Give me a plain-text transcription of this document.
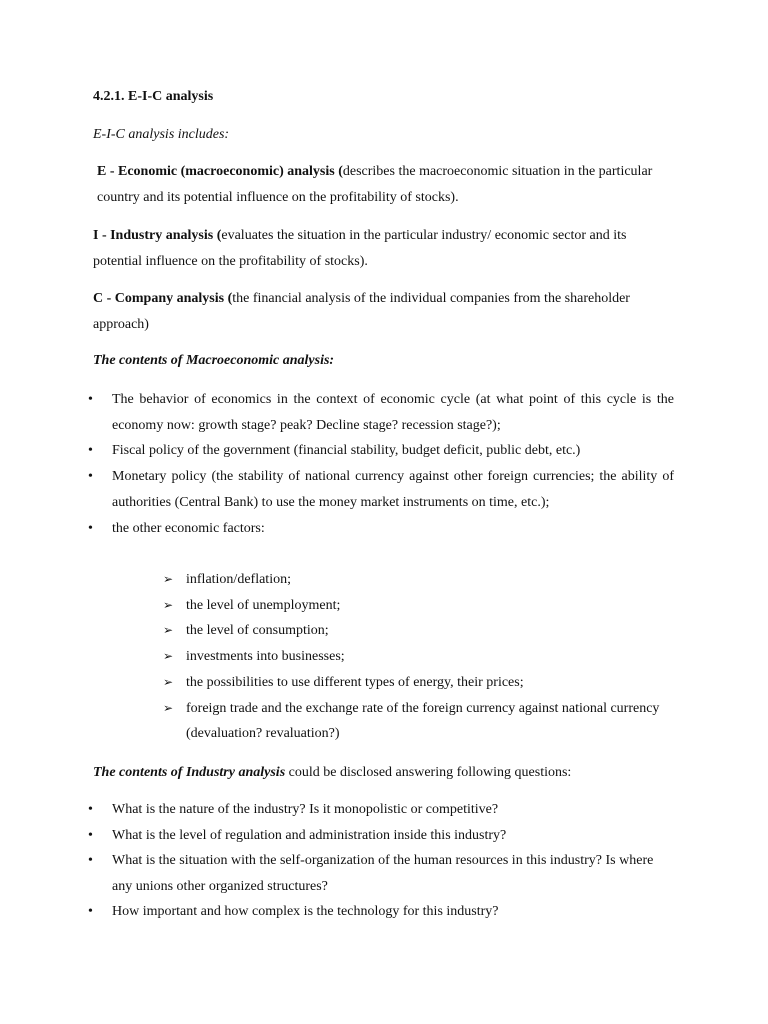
4.2.1. E-I-C analysis
E-I-C analysis includes:
E - Economic (macroeconomic) analysis (describes the macroeconomic situation in the particular country and its potential influence on the profitability of stocks).
I - Industry analysis (evaluates the situation in the particular industry/ economic sector and its potential influence on the profitability of stocks).
C - Company analysis (the financial analysis of the individual companies from the shareholder approach)
The contents of Macroeconomic analysis:
•	The behavior of economics in the context of economic cycle (at what point of this cycle is the economy now: growth stage? peak? Decline stage? recession stage?);
•	Fiscal policy of the government (financial stability, budget deficit, public debt, etc.)
•	Monetary policy (the stability of national currency against other foreign currencies; the ability of authorities (Central Bank) to use the money market instruments on time, etc.);
•	the other economic factors:
➢ inflation/deflation;
➢ the level of unemployment;
➢ the level of consumption;
➢ investments into businesses;
➢ the possibilities to use different types of energy, their prices;
➢ foreign trade and the exchange rate of the foreign currency against national currency (devaluation? revaluation?)
The contents of Industry analysis could be disclosed answering following questions:
•	What is the nature of the industry? Is it monopolistic or competitive?
•	What is the level of regulation and administration inside this industry?
•	What is the situation with the self-organization of the human resources in this industry? Is where any unions other organized structures?
•	How important and how complex is the technology for this industry?
